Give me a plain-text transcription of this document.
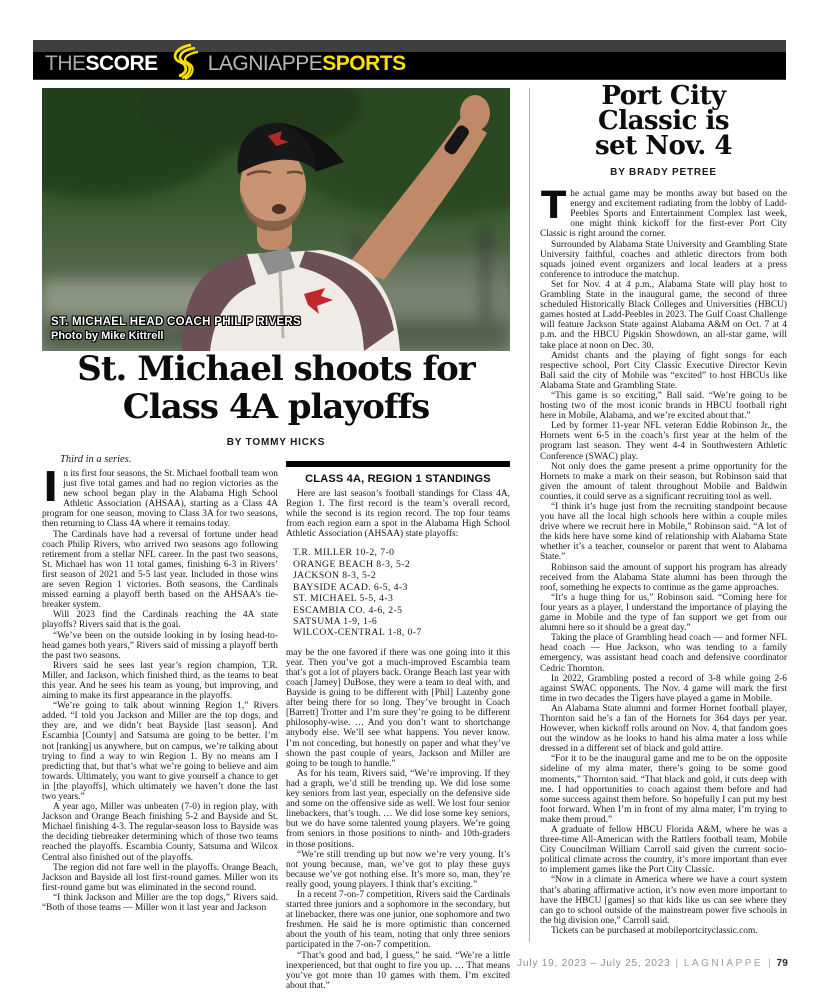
THE SCORE LAGNIAPPE SPORTS
ST. MICHAEL HEAD COACH PHILIP RIVERS
Photo by Mike Kittrell
St. Michael shoots for
Class 4A playoffs
BY TOMMY HICKS
Third in a series.

In its first four seasons, the St. Michael football team won just five total games and had no region victories as the new school began play in the Alabama High School Athletic Association (AHSAA), starting as a Class 4A program for one season, moving to Class 3A for two seasons, then returning to Class 4A where it remains today.

The Cardinals have had a reversal of fortune under head coach Philip Rivers, who arrived two seasons ago following retirement from a stellar NFL career. In the past two seasons, St. Michael has won 11 total games, finishing 6-3 in Rivers’ first season of 2021 and 5-5 last year. Included in those wins are seven Region 1 victories. Both seasons, the Cardinals missed earning a playoff berth based on the AHSAA’s tie-breaker system.

Will 2023 find the Cardinals reaching the 4A state playoffs? Rivers said that is the goal.

“We’ve been on the outside looking in by losing head-to-head games both years,” Rivers said of missing a playoff berth the past two seasons.

Rivers said he sees last year’s region champion, T.R. Miller, and Jackson, which finished third, as the teams to beat this year. And he sees his team as young, but improving, and aiming to make its first appearance in the playoffs.

“We’re going to talk about winning Region 1,” Rivers added. “I told you Jackson and Miller are the top dogs, and they are, and we didn’t beat Bayside [last season]. And Escambia [County] and Satsuma are going to be better. I’m not [ranking] us anywhere, but on campus, we’re talking about trying to find a way to win Region 1. By no means am I predicting that, but that’s what we’re going to believe and aim towards. Ultimately, you want to give yourself a chance to get in [the playoffs], which ultimately we haven’t done the last two years.”

A year ago, Miller was unbeaten (7-0) in region play, with Jackson and Orange Beach finishing 5-2 and Bayside and St. Michael finishing 4-3. The regular-season loss to Bayside was the deciding tiebreaker determining which of those two teams reached the playoffs. Escambia County, Satsuma and Wilcox Central also finished out of the playoffs.

The region did not fare well in the playoffs. Orange Beach, Jackson and Bayside all lost first-round games. Miller won its first-round game but was eliminated in the second round.

“I think Jackson and Miller are the top dogs,” Rivers said. “Both of those teams — Miller won it last year and Jackson

CLASS 4A, REGION 1 STANDINGS

Here are last season’s football standings for Class 4A, Region 1. The first record is the team’s overall record, while the second is its region record. The top four teams from each region earn a spot in the Alabama High School Athletic Association (AHSAA) state playoffs:

T.R. MILLER 10-2, 7-0
ORANGE BEACH 8-3, 5-2
JACKSON 8-3, 5-2
BAYSIDE ACAD. 6-5, 4-3
ST. MICHAEL 5-5, 4-3
ESCAMBIA CO. 4-6, 2-5
SATSUMA 1-9, 1-6
WILCOX-CENTRAL 1-8, 0-7

may be the one favored if there was one going into it this year. Then you’ve got a much-improved Escambia team that’s got a lot of players back. Orange Beach last year with coach [Jamey] DuBose, they were a team to deal with, and Bayside is going to be different with [Phil] Lazenby gone after being there for so long. They’ve brought in Coach [Barrett] Trotter and I’m sure they’re going to be different philosophy-wise. … And you don’t want to shortchange anybody else. We’ll see what happens. You never know. I’m not conceding, but honestly on paper and what they’ve shown the past couple of years, Jackson and Miller are going to be tough to handle.”

As for his team, Rivers said, “We’re improving. If they had a graph, we’d still be trending up. We did lose some key seniors from last year, especially on the defensive side and some on the offensive side as well. We lost four senior linebackers, that’s tough. … We did lose some key seniors, but we do have some talented young players. We’re going from seniors in those positions to ninth- and 10th-graders in those positions.

“We’re still trending up but now we’re very young. It’s not young because, man, we’ve got to play these guys because we’ve got nothing else. It’s more so, man, they’re really good, young players. I think that’s exciting.”

In a recent 7-on-7 competition, Rivers said the Cardinals started three juniors and a sophomore in the secondary, but at linebacker, there was one junior, one sophomore and two freshmen. He said he is more optimistic than concerned about the youth of his team, noting that only three seniors participated in the 7-on-7 competition.

“That’s good and bad, I guess,” he said. “We’re a little inexperienced, but that ought to fire you up. … That means you’ve got more than 10 games with them. I’m excited about that.”

Port City
Classic is
set Nov. 4
BY BRADY PETREE

The actual game may be months away but based on the energy and excitement radiating from the lobby of Ladd-Peebles Sports and Entertainment Complex last week, one might think kickoff for the first-ever Port City Classic is right around the corner.

Surrounded by Alabama State University and Grambling State University faithful, coaches and athletic directors from both squads joined event organizers and local leaders at a press conference to introduce the matchup.

Set for Nov. 4 at 4 p.m., Alabama State will play host to Grambling State in the inaugural game, the second of three scheduled Historically Black Colleges and Universities (HBCU) games hosted at Ladd-Peebles in 2023. The Gulf Coast Challenge will feature Jackson State against Alabama A&M on Oct. 7 at 4 p.m. and the HBCU Pigskin Showdown, an all-star game, will take place at noon on Dec. 30.

Amidst chants and the playing of fight songs for each respective school, Port City Classic Executive Director Kevin Ball said the city of Mobile was “excited” to host HBCUs like Alabama State and Grambling State.

“This game is so exciting,” Ball said. “We’re going to be hosting two of the most iconic brands in HBCU football right here in Mobile, Alabama, and we’re excited about that.”

Led by former 11-year NFL veteran Eddie Robinson Jr., the Hornets went 6-5 in the coach’s first year at the helm of the program last season. They went 4-4 in Southwestern Athletic Conference (SWAC) play.

Not only does the game present a prime opportunity for the Hornets to make a mark on their season, but Robinson said that given the amount of talent throughout Mobile and Baldwin counties, it could serve as a significant recruiting tool as well.

“I think it’s huge just from the recruiting standpoint because you have all the local high schools here within a couple miles drive where we recruit here in Mobile,” Robinson said. “A lot of the kids here have some kind of relationship with Alabama State whether it’s a teacher, counselor or parent that went to Alabama State.”

Robinson said the amount of support his program has already received from the Alabama State alumni has been through the roof, something he expects to continue as the game approaches.

“It’s a huge thing for us,” Robinson said. “Coming here for four years as a player, I understand the importance of playing the game in Mobile and the type of fan support we get from our alumni here so it should be a great day.”

Taking the place of Grambling head coach — and former NFL head coach — Hue Jackson, who was tending to a family emergency, was assistant head coach and defensive coordinator Cedric Thornton.

In 2022, Grambling posted a record of 3-8 while going 2-6 against SWAC opponents. The Nov. 4 game will mark the first time in two decades the Tigers have played a game in Mobile.

An Alabama State alumni and former Hornet football player, Thornton said he’s a fan of the Hornets for 364 days per year. However, when kickoff rolls around on Nov. 4, that fandom goes out the window as he looks to hand his alma mater a loss while dressed in a different set of black and gold attire.

“For it to be the inaugural game and me to be on the opposite sideline of my alma mater, there’s going to be some good moments,” Thornton said. “That black and gold, it cuts deep with me. I had opportunities to coach against them before and had some success against them before. So hopefully I can put my best foot forward. When I’m in front of my alma mater, I’m trying to make them proud.”

A graduate of fellow HBCU Florida A&M, where he was a three-time All-American with the Rattlers football team, Mobile City Councilman William Carroll said given the current socio-political climate across the country, it’s more important than ever to implement games like the Port City Classic.

“Now in a climate in America where we have a court system that’s abating affirmative action, it’s now even more important to have the HBCU [games] so that kids like us can see where they can go to school outside of the mainstream power five schools in the big division one,” Carroll said.

Tickets can be purchased at mobileportcityclassic.com.

July 19, 2023 – July 25, 2023 | LAGNIAPPE | 79
